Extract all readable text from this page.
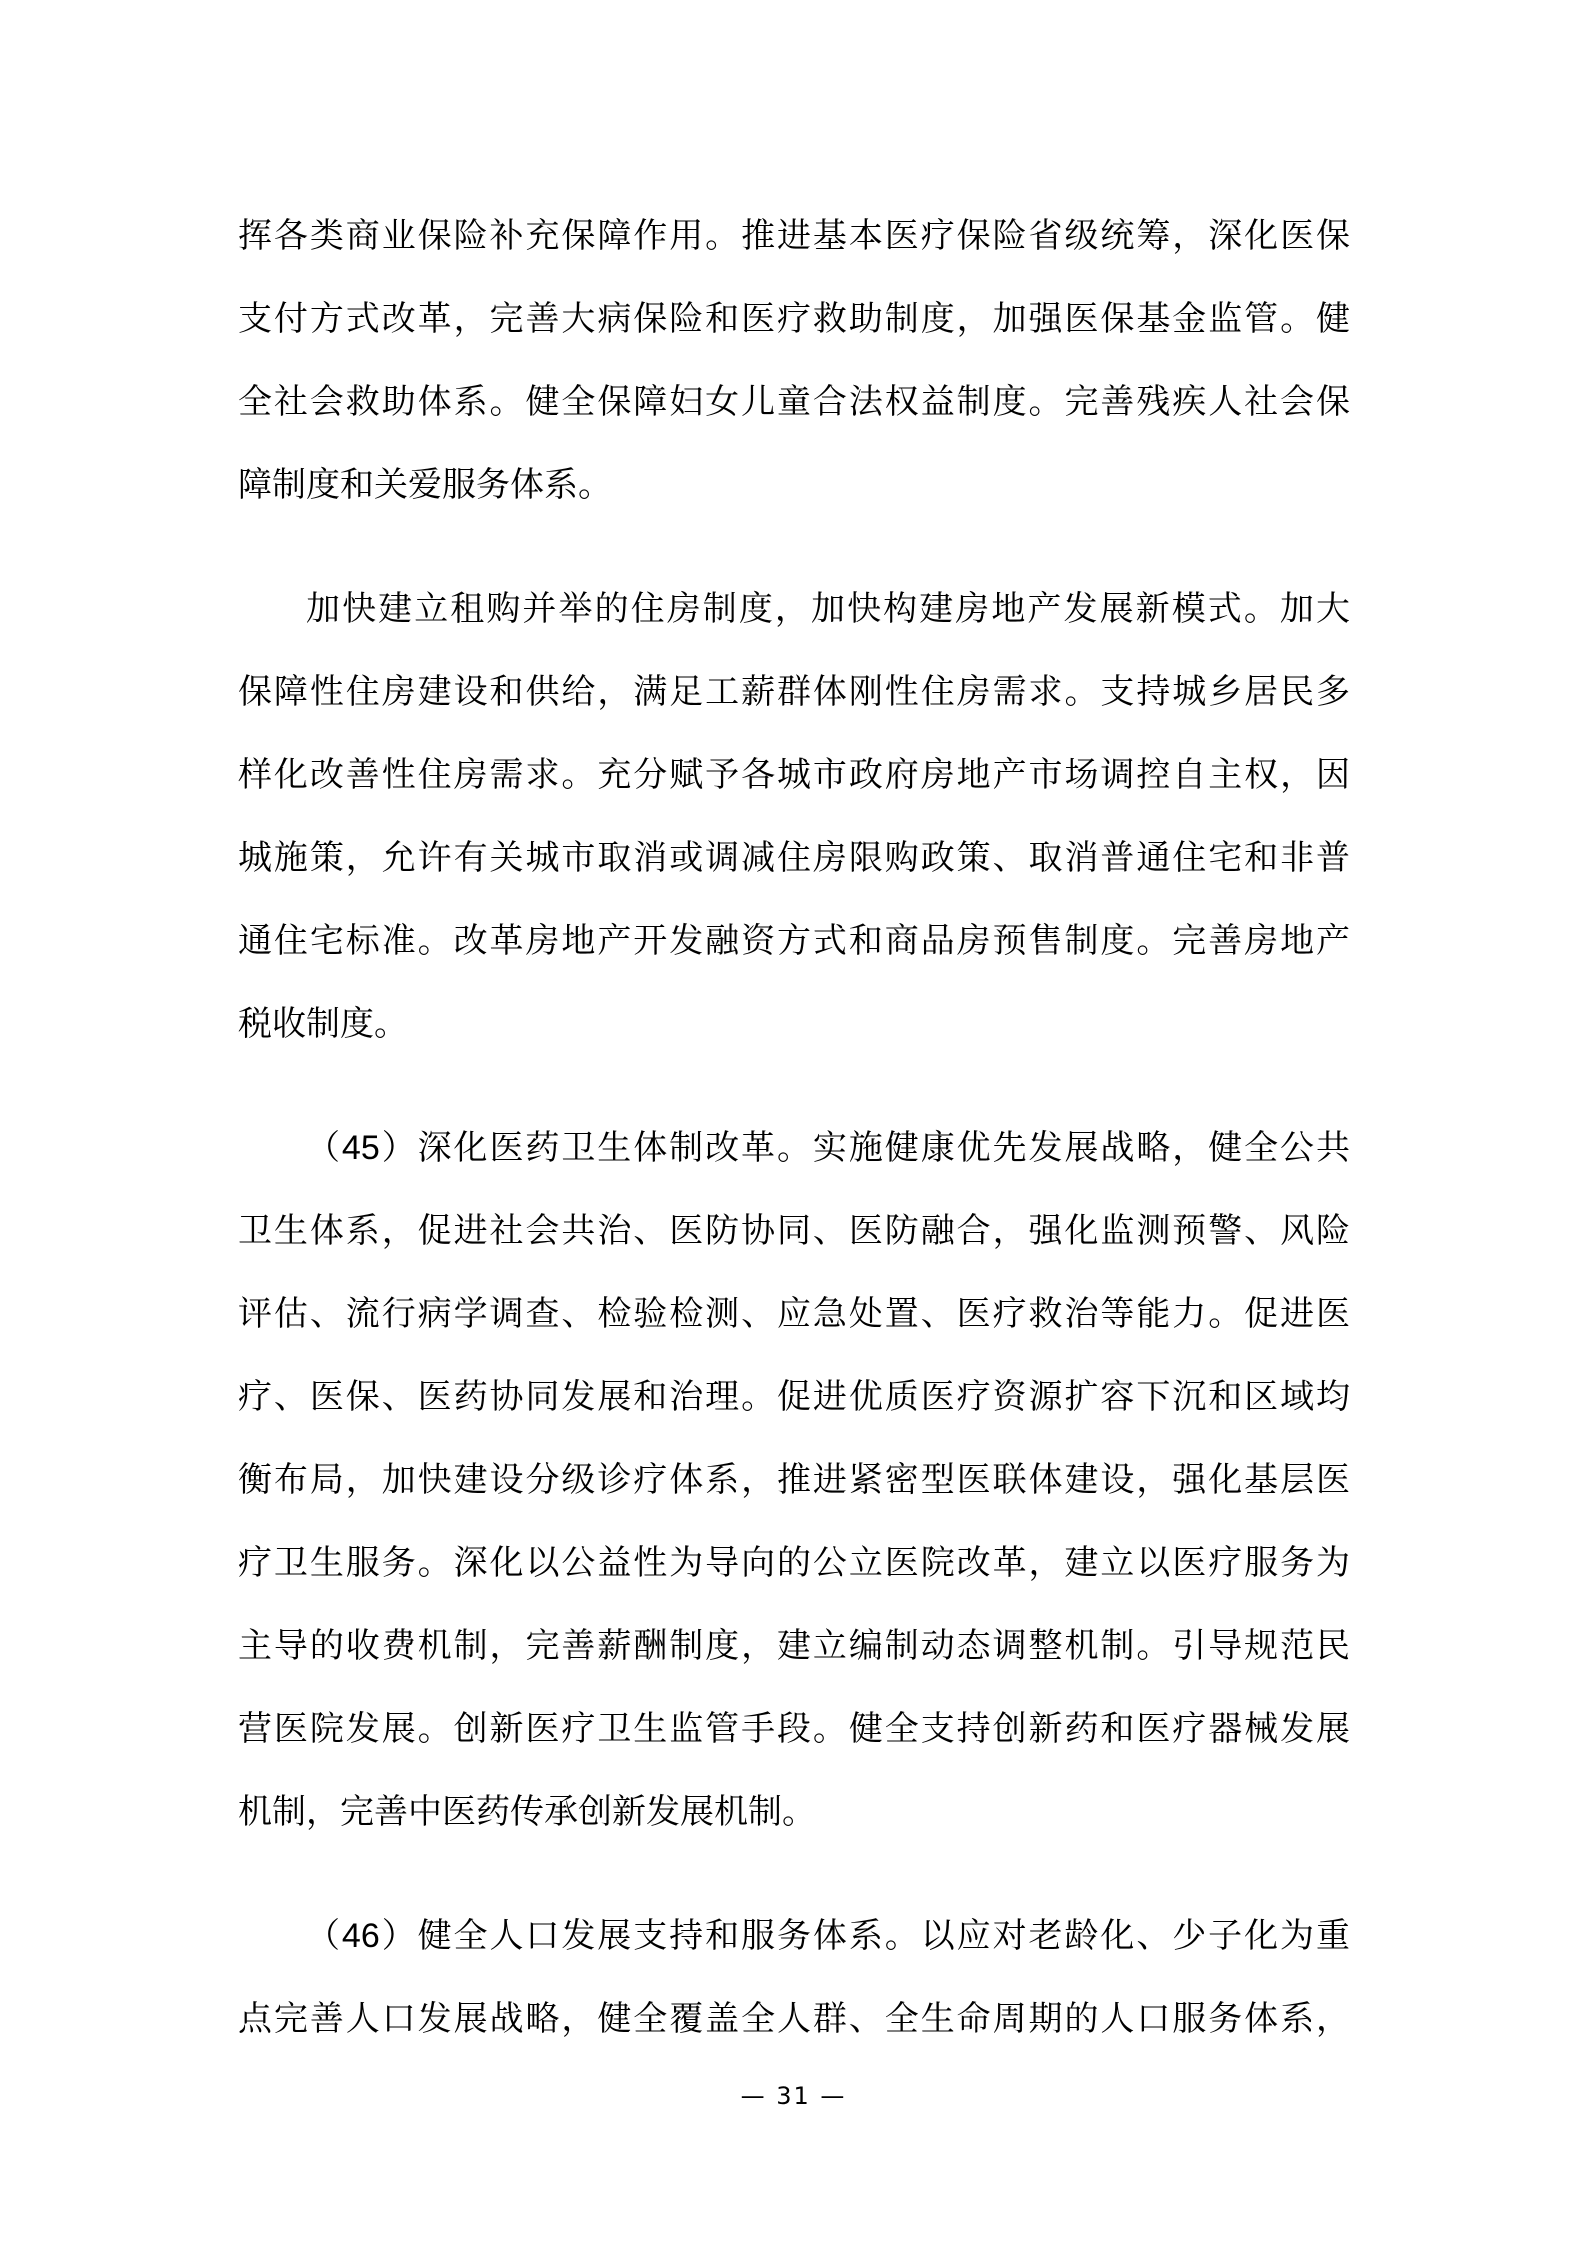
挥各类商业保险补充保障作用。推进基本医疗保险省级统筹，深化医保
支付方式改革，完善大病保险和医疗救助制度，加强医保基金监管。健
全社会救助体系。健全保障妇女儿童合法权益制度。完善残疾人社会保
障制度和关爱服务体系。
加快建立租购并举的住房制度，加快构建房地产发展新模式。加大
保障性住房建设和供给，满足工薪群体刚性住房需求。支持城乡居民多
样化改善性住房需求。充分赋予各城市政府房地产市场调控自主权，因
城施策，允许有关城市取消或调减住房限购政策、取消普通住宅和非普
通住宅标准。改革房地产开发融资方式和商品房预售制度。完善房地产
税收制度。
（45）深化医药卫生体制改革。实施健康优先发展战略，健全公共
卫生体系，促进社会共治、医防协同、医防融合，强化监测预警、风险
评估、流行病学调查、检验检测、应急处置、医疗救治等能力。促进医
疗、医保、医药协同发展和治理。促进优质医疗资源扩容下沉和区域均
衡布局，加快建设分级诊疗体系，推进紧密型医联体建设，强化基层医
疗卫生服务。深化以公益性为导向的公立医院改革，建立以医疗服务为
主导的收费机制，完善薪酬制度，建立编制动态调整机制。引导规范民
营医院发展。创新医疗卫生监管手段。健全支持创新药和医疗器械发展
机制，完善中医药传承创新发展机制。
（46）健全人口发展支持和服务体系。以应对老龄化、少子化为重
点完善人口发展战略，健全覆盖全人群、全生命周期的人口服务体系，
— 31 —
